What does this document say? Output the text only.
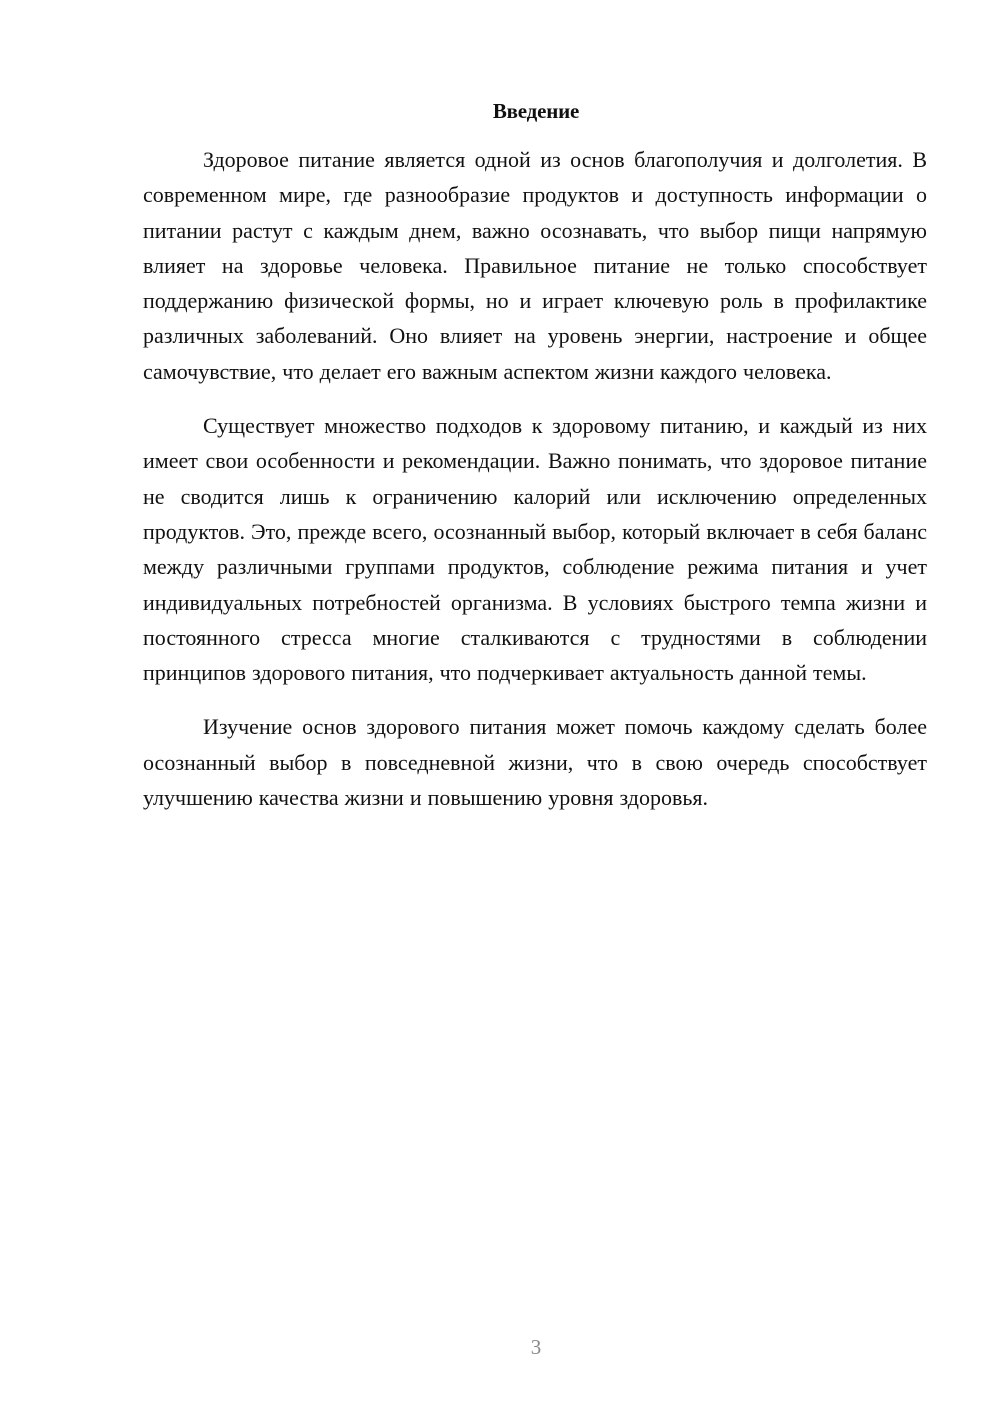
Введение

Здоровое питание является одной из основ благополучия и долголетия. В современном мире, где разнообразие продуктов и доступность информации о питании растут с каждым днем, важно осознавать, что выбор пищи напрямую влияет на здоровье человека. Правильное питание не только способствует поддержанию физической формы, но и играет ключевую роль в профилактике различных заболеваний. Оно влияет на уровень энергии, настроение и общее самочувствие, что делает его важным аспектом жизни каждого человека.

Существует множество подходов к здоровому питанию, и каждый из них имеет свои особенности и рекомендации. Важно понимать, что здоровое питание не сводится лишь к ограничению калорий или исключению определенных продуктов. Это, прежде всего, осознанный выбор, который включает в себя баланс между различными группами продуктов, соблюдение режима питания и учет индивидуальных потребностей организма. В условиях быстрого темпа жизни и постоянного стресса многие сталкиваются с трудностями в соблюдении принципов здорового питания, что подчеркивает актуальность данной темы.

Изучение основ здорового питания может помочь каждому сделать более осознанный выбор в повседневной жизни, что в свою очередь способствует улучшению качества жизни и повышению уровня здоровья.

3
